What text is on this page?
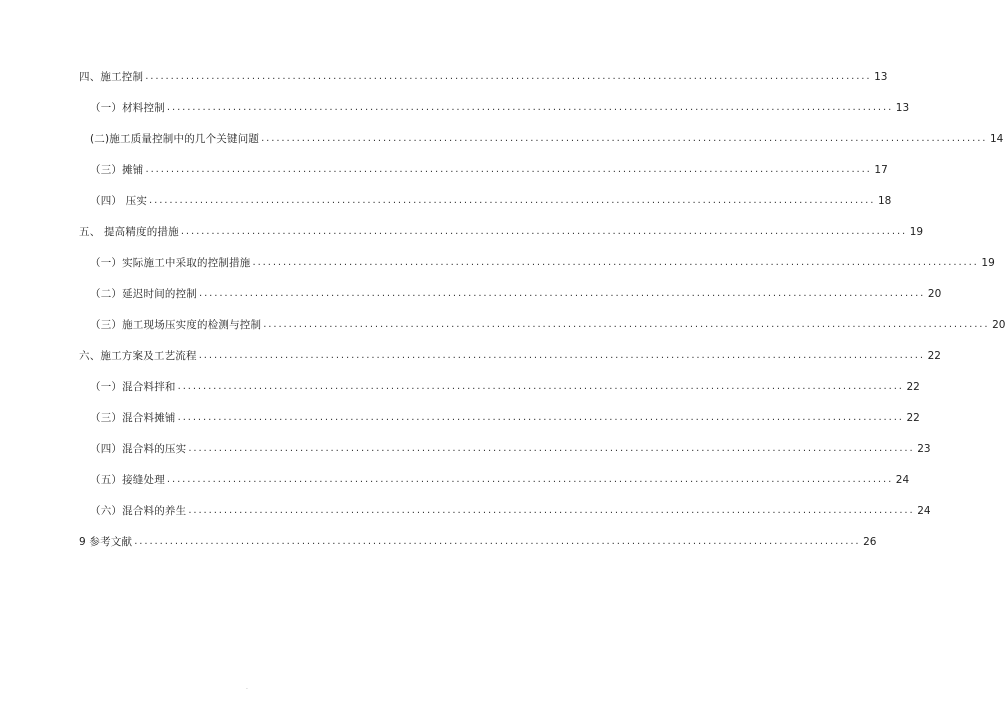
四、施工控制 ............................................................................................................................................... 13
（一）材料控制 ............................................................................................................................................... 13
(二)施工质量控制中的几个关键问题 ............................................................................................................................................... 14
（三）摊铺 ............................................................................................................................................... 17
（四） 压实 ............................................................................................................................................... 18
五、 提高精度的措施 ............................................................................................................................................... 19
（一）实际施工中采取的控制措施 ............................................................................................................................................... 19
（二）延迟时间的控制 ............................................................................................................................................... 20
（三）施工现场压实度的检测与控制 ............................................................................................................................................... 20
六、施工方案及工艺流程 ............................................................................................................................................... 22
（一）混合料拌和 ............................................................................................................................................... 22
（三）混合料摊铺 ............................................................................................................................................... 22
（四）混合料的压实 ............................................................................................................................................... 23
（五）接缝处理 ............................................................................................................................................... 24
（六）混合料的养生 ............................................................................................................................................... 24
9 参考文献 ............................................................................................................................................... 26
·
